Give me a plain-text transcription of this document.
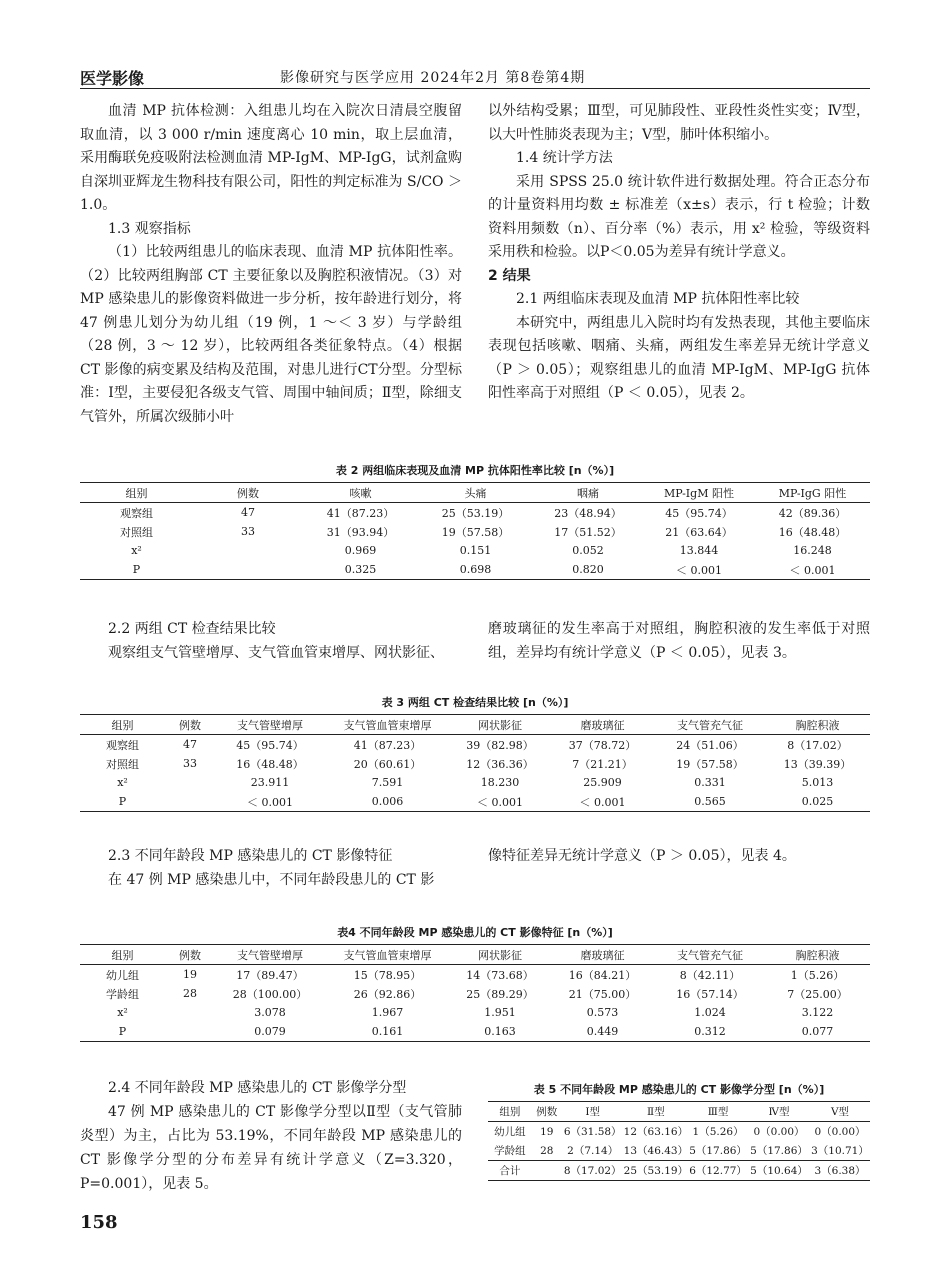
医学影像	影像研究与医学应用 2024年2月 第8卷第4期

血清 MP 抗体检测：入组患儿均在入院次日清晨空腹留取血清，以 3 000 r/min 速度离心 10 min，取上层血清，采用酶联免疫吸附法检测血清 MP-IgM、MP-IgG，试剂盒购自深圳亚辉龙生物科技有限公司，阳性的判定标准为 S/CO ＞ 1.0。

1.3 观察指标

（1）比较两组患儿的临床表现、血清 MP 抗体阳性率。（2）比较两组胸部 CT 主要征象以及胸腔积液情况。（3）对 MP 感染患儿的影像资料做进一步分析，按年龄进行划分，将 47 例患儿划分为幼儿组（19 例，1 ～＜ 3 岁）与学龄组（28 例，3 ～ 12 岁），比较两组各类征象特点。（4）根据 CT 影像的病变累及结构及范围，对患儿进行CT分型。分型标准：Ⅰ型，主要侵犯各级支气管、周围中轴间质；Ⅱ型，除细支气管外，所属次级肺小叶

以外结构受累；Ⅲ型，可见肺段性、亚段性炎性实变；Ⅳ型，以大叶性肺炎表现为主；Ⅴ型，肺叶体积缩小。

1.4 统计学方法

采用 SPSS 25.0 统计软件进行数据处理。符合正态分布的计量资料用均数 ± 标准差（x±s）表示，行 t 检验；计数资料用频数（n）、百分率（%）表示，用 x² 检验，等级资料采用秩和检验。以P＜0.05为差异有统计学意义。

2 结果

2.1 两组临床表现及血清 MP 抗体阳性率比较

本研究中，两组患儿入院时均有发热表现，其他主要临床表现包括咳嗽、咽痛、头痛，两组发生率差异无统计学意义（P ＞ 0.05）；观察组患儿的血清 MP-IgM、MP-IgG 抗体阳性率高于对照组（P ＜ 0.05），见表 2。

表 2 两组临床表现及血清 MP 抗体阳性率比较 [n（%）]
组别	例数	咳嗽	头痛	咽痛	MP-IgM 阳性	MP-IgG 阳性
观察组	47	41（87.23）	25（53.19）	23（48.94）	45（95.74）	42（89.36）
对照组	33	31（93.94）	19（57.58）	17（51.52）	21（63.64）	16（48.48）
x²		0.969	0.151	0.052	13.844	16.248
P		0.325	0.698	0.820	＜ 0.001	＜ 0.001

2.2 两组 CT 检查结果比较

观察组支气管壁增厚、支气管血管束增厚、网状影征、

磨玻璃征的发生率高于对照组，胸腔积液的发生率低于对照组，差异均有统计学意义（P ＜ 0.05），见表 3。

表 3 两组 CT 检查结果比较 [n（%）]
组别	例数	支气管壁增厚	支气管血管束增厚	网状影征	磨玻璃征	支气管充气征	胸腔积液
观察组	47	45（95.74）	41（87.23）	39（82.98）	37（78.72）	24（51.06）	8（17.02）
对照组	33	16（48.48）	20（60.61）	12（36.36）	7（21.21）	19（57.58）	13（39.39）
x²		23.911	7.591	18.230	25.909	0.331	5.013
P		＜ 0.001	0.006	＜ 0.001	＜ 0.001	0.565	0.025

2.3 不同年龄段 MP 感染患儿的 CT 影像特征

在 47 例 MP 感染患儿中，不同年龄段患儿的 CT 影

像特征差异无统计学意义（P ＞ 0.05），见表 4。

表4 不同年龄段 MP 感染患儿的 CT 影像特征 [n（%）]
组别	例数	支气管壁增厚	支气管血管束增厚	网状影征	磨玻璃征	支气管充气征	胸腔积液
幼儿组	19	17（89.47）	15（78.95）	14（73.68）	16（84.21）	8（42.11）	1（5.26）
学龄组	28	28（100.00）	26（92.86）	25（89.29）	21（75.00）	16（57.14）	7（25.00）
x²		3.078	1.967	1.951	0.573	1.024	3.122
P		0.079	0.161	0.163	0.449	0.312	0.077

2.4 不同年龄段 MP 感染患儿的 CT 影像学分型

47 例 MP 感染患儿的 CT 影像学分型以Ⅱ型（支气管肺炎型）为主，占比为 53.19%，不同年龄段 MP 感染患儿的 CT 影像学分型的分布差异有统计学意义（Z=3.320，P=0.001），见表 5。

表 5 不同年龄段 MP 感染患儿的 CT 影像学分型 [n（%）]
组别	例数	Ⅰ型	Ⅱ型	Ⅲ型	Ⅳ型	Ⅴ型
幼儿组	19	6（31.58）	12（63.16）	1（5.26）	0（0.00）	0（0.00）
学龄组	28	2（7.14）	13（46.43）	5（17.86）	5（17.86）	3（10.71）
合计		8（17.02）	25（53.19）	6（12.77）	5（10.64）	3（6.38）
158
